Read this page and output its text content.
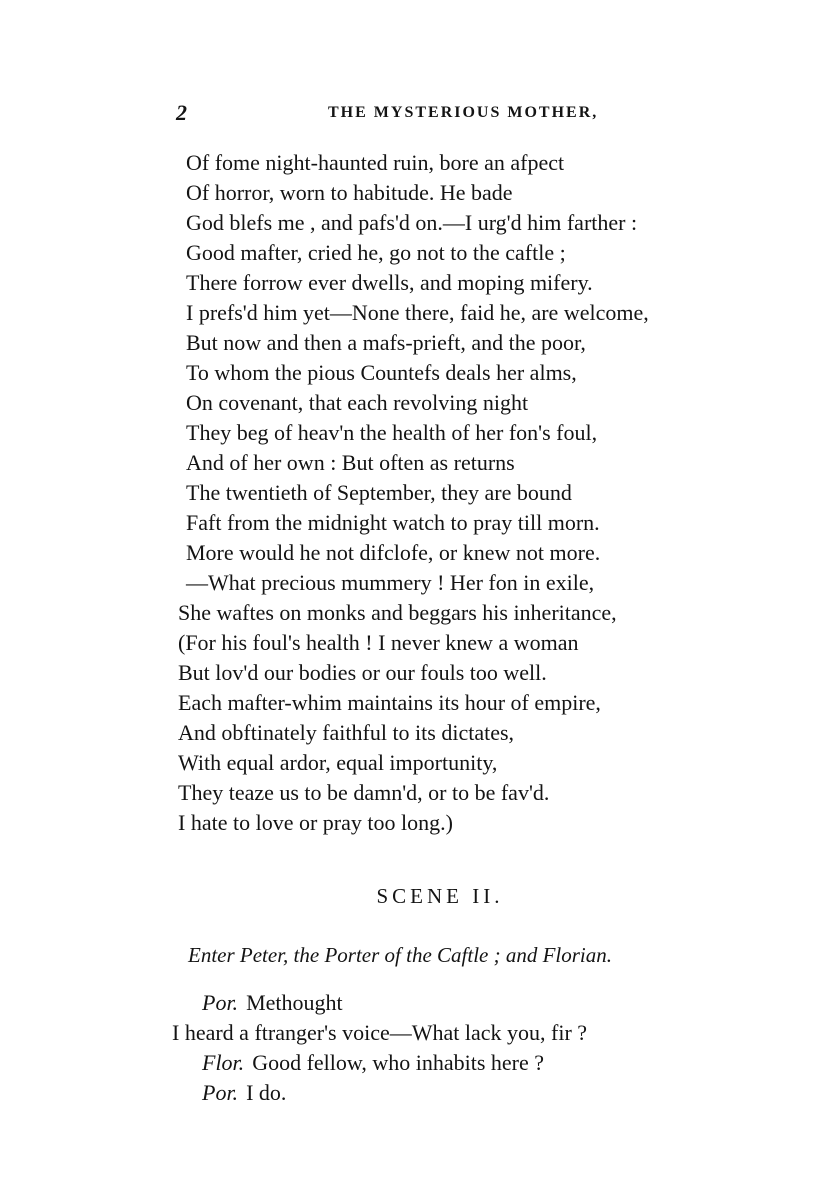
2	THE MYSTERIOUS MOTHER,
Of fome night-haunted ruin, bore an afpect
Of horror, worn to habitude. He bade
God blefs me , and pafs'd on.—I urg'd him farther :
Good mafter, cried he, go not to the caftle ;
There forrow ever dwells, and moping mifery.
I prefs'd him yet—None there, faid he, are welcome,
But now and then a mafs-prieft, and the poor,
To whom the pious Countefs deals her alms,
On covenant, that each revolving night
They beg of heav'n the health of her fon's foul,
And of her own : But often as returns
The twentieth of September, they are bound
Faft from the midnight watch to pray till morn.
More would he not difclofe, or knew not more.
—What precious mummery ! Her fon in exile,
She waftes on monks and beggars his inheritance,
(For his foul's health ! I never knew a woman
But lov'd our bodies or our fouls too well.
Each mafter-whim maintains its hour of empire,
And obftinately faithful to its dictates,
With equal ardor, equal importunity,
They teaze us to be damn'd, or to be fav'd.
I hate to love or pray too long.)
SCENE II.
Enter Peter, the Porter of the Caftle ; and Florian.
Por. Methought
I heard a ftranger's voice—What lack you, fir ?
Flor. Good fellow, who inhabits here ?
Por. I do.
